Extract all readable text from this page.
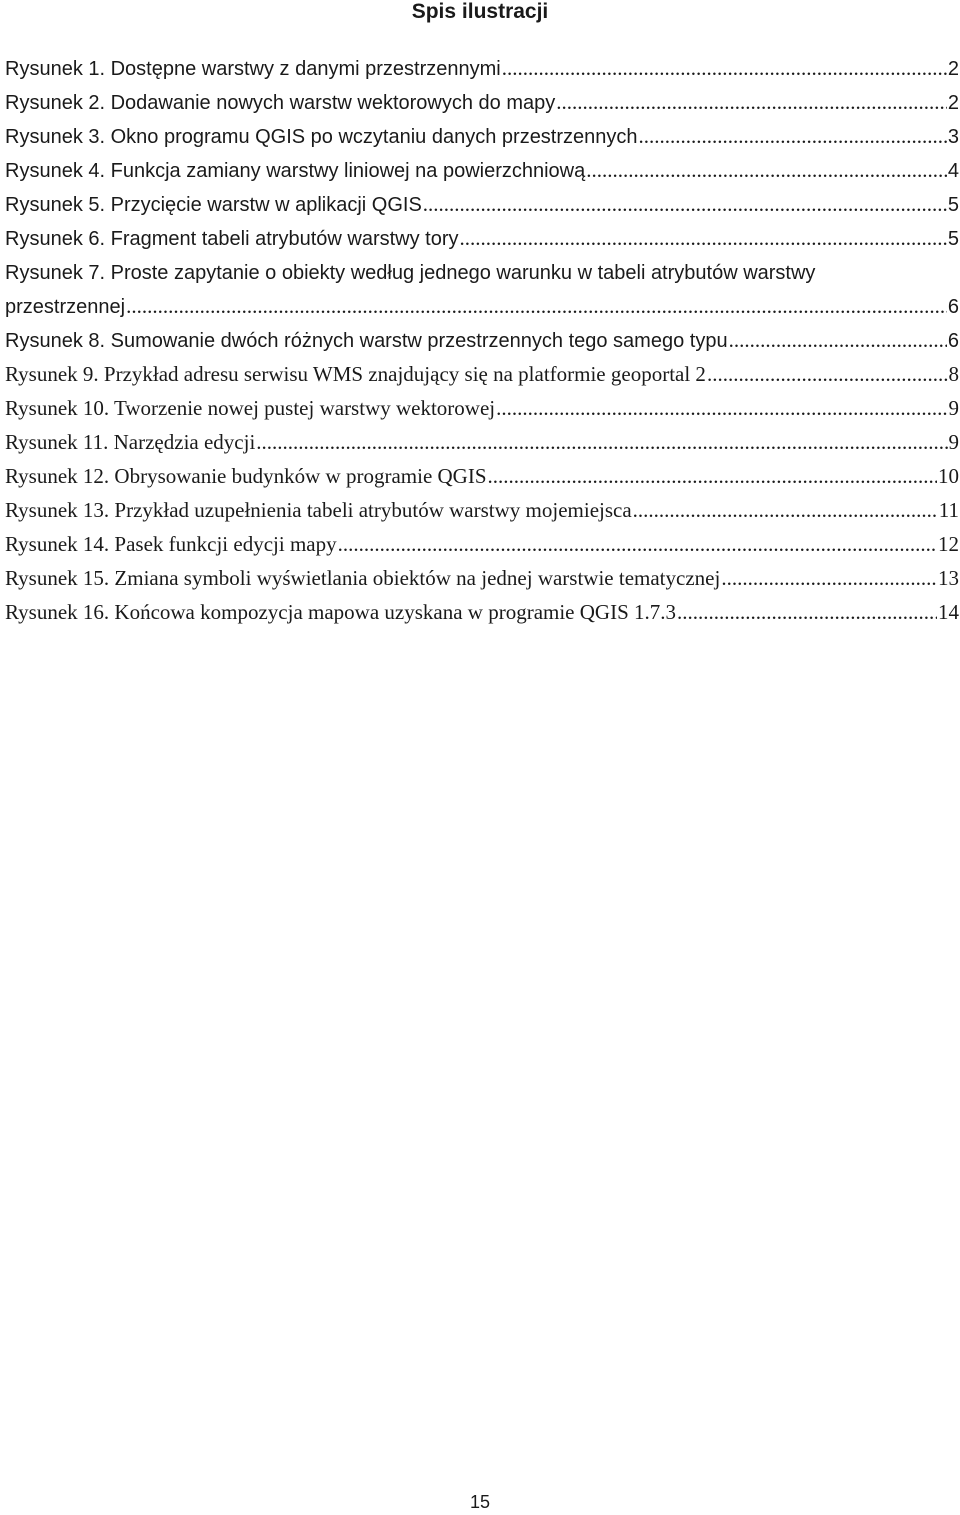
Spis ilustracji
Rysunek 1. Dostępne warstwy z danymi przestrzennymi .....	2
Rysunek 2. Dodawanie nowych warstw wektorowych do mapy .....	2
Rysunek 3. Okno programu QGIS po wczytaniu danych przestrzennych .....	3
Rysunek 4. Funkcja zamiany warstwy liniowej na powierzchniową .....	4
Rysunek 5. Przycięcie warstw w aplikacji QGIS .....	5
Rysunek 6. Fragment tabeli atrybutów warstwy tory .....	5
Rysunek 7. Proste zapytanie o obiekty według jednego warunku w tabeli atrybutów warstwy
przestrzennej .....	6
Rysunek 8. Sumowanie dwóch różnych warstw przestrzennych tego samego typu .....	6
Rysunek 9. Przykład adresu serwisu WMS znajdujący się na platformie geoportal 2 .....	8
Rysunek 10. Tworzenie nowej pustej warstwy wektorowej .....	9
Rysunek 11. Narzędzia edycji .....	9
Rysunek 12. Obrysowanie budynków w programie QGIS .....	10
Rysunek 13. Przykład uzupełnienia tabeli atrybutów warstwy mojemiejsca .....	11
Rysunek 14. Pasek funkcji edycji mapy .....	12
Rysunek 15. Zmiana symboli wyświetlania obiektów na jednej warstwie tematycznej .....	13
Rysunek 16. Końcowa kompozycja mapowa uzyskana w programie QGIS 1.7.3 .....	14
15
